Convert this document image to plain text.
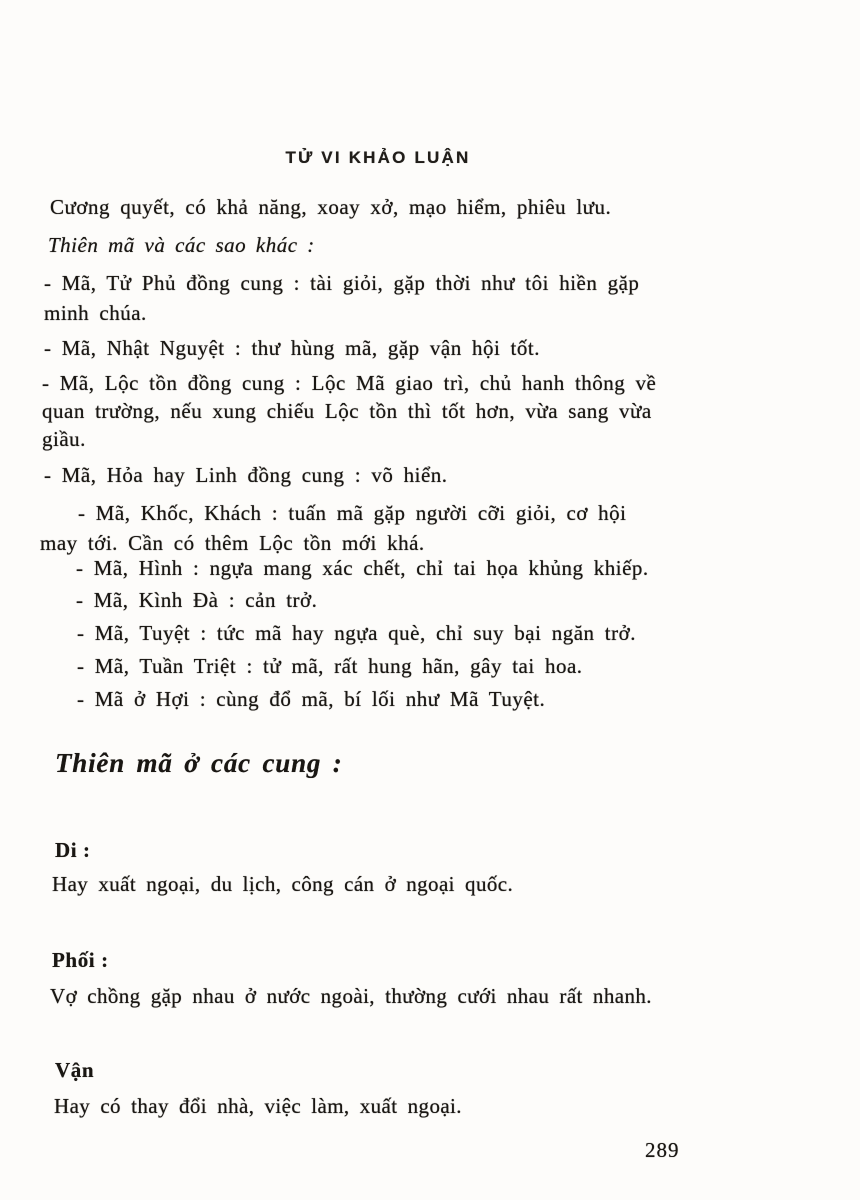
TỬ VI KHẢO LUẬN
Cương quyết, có khả năng, xoay xở, mạo hiểm, phiêu lưu.
Thiên mã và các sao khác :
- Mã, Tử Phủ đồng cung : tài giỏi, gặp thời như tôi hiền gặp
minh chúa.
- Mã, Nhật Nguyệt : thư hùng mã, gặp vận hội tốt.
- Mã, Lộc tồn đồng cung : Lộc Mã giao trì, chủ hanh thông về
quan trường, nếu xung chiếu Lộc tồn thì tốt hơn, vừa sang vừa
giầu.
- Mã, Hỏa hay Linh đồng cung : võ hiển.
- Mã, Khốc, Khách : tuấn mã gặp người cỡi giỏi, cơ hội
may tới. Cần có thêm Lộc tồn mới khá.
- Mã, Hình : ngựa mang xác chết, chỉ tai họa khủng khiếp.
- Mã, Kình Đà : cản trở.
- Mã, Tuyệt : tức mã hay ngựa què, chỉ suy bại ngăn trở.
- Mã, Tuần Triệt : tử mã, rất hung hãn, gây tai hoa.
- Mã ở Hợi : cùng đổ mã, bí lối như Mã Tuyệt.
Thiên mã ở các cung :
Di :
Hay xuất ngoại, du lịch, công cán ở ngoại quốc.
Phối :
Vợ chồng gặp nhau ở nước ngoài, thường cưới nhau rất nhanh.
Vận
Hay có thay đổi nhà, việc làm, xuất ngoại.
289
